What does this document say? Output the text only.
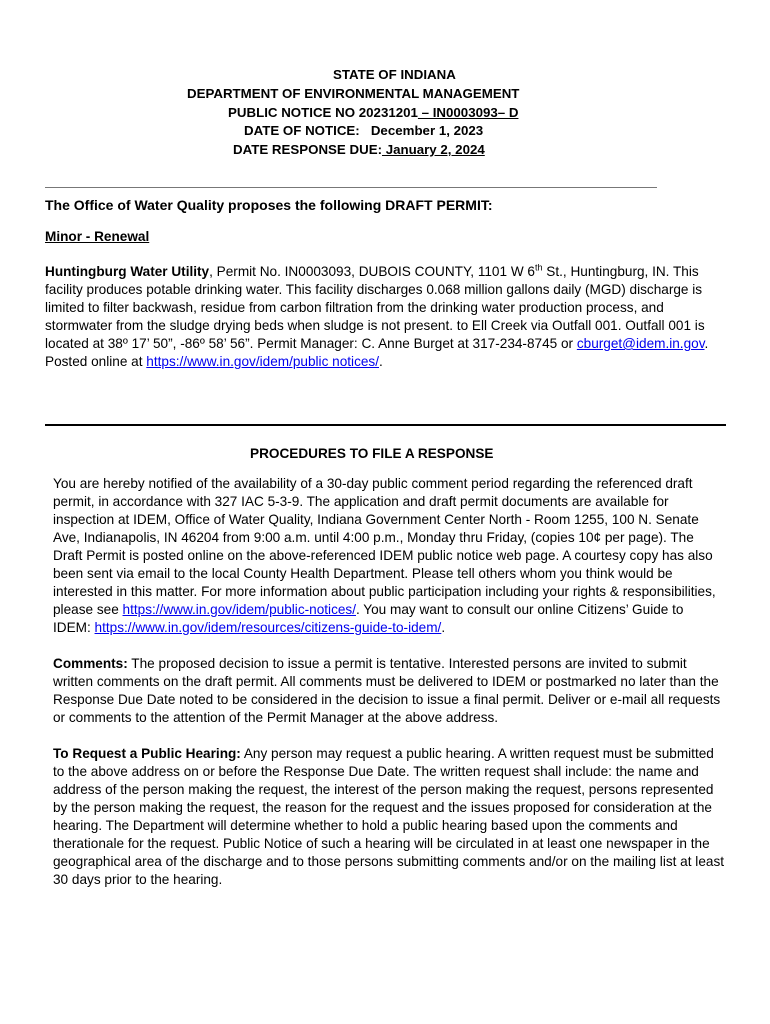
STATE OF INDIANA
DEPARTMENT OF ENVIRONMENTAL MANAGEMENT
PUBLIC NOTICE NO 20231201 – IN0003093– D
DATE OF NOTICE: December 1, 2023
DATE RESPONSE DUE: January 2, 2024
The Office of Water Quality proposes the following DRAFT PERMIT:
Minor - Renewal
Huntingburg Water Utility, Permit No. IN0003093, DUBOIS COUNTY, 1101 W 6th St., Huntingburg, IN. This facility produces potable drinking water. This facility discharges 0.068 million gallons daily (MGD) discharge is limited to filter backwash, residue from carbon filtration from the drinking water production process, and stormwater from the sludge drying beds when sludge is not present. to Ell Creek via Outfall 001. Outfall 001 is located at 38º 17’ 50”, -86º 58’ 56”. Permit Manager: C. Anne Burget at 317-234-8745 or cburget@idem.in.gov. Posted online at https://www.in.gov/idem/public notices/.
PROCEDURES TO FILE A RESPONSE

You are hereby notified of the availability of a 30-day public comment period regarding the referenced draft permit, in accordance with 327 IAC 5-3-9. The application and draft permit documents are available for inspection at IDEM, Office of Water Quality, Indiana Government Center North - Room 1255, 100 N. Senate Ave, Indianapolis, IN 46204 from 9:00 a.m. until 4:00 p.m., Monday thru Friday, (copies 10¢ per page). The Draft Permit is posted online on the above-referenced IDEM public notice web page. A courtesy copy has also been sent via email to the local County Health Department. Please tell others whom you think would be interested in this matter. For more information about public participation including your rights & responsibilities, please see https://www.in.gov/idem/public-notices/. You may want to consult our online Citizens’ Guide to IDEM: https://www.in.gov/idem/resources/citizens-guide-to-idem/.

Comments: The proposed decision to issue a permit is tentative. Interested persons are invited to submit written comments on the draft permit. All comments must be delivered to IDEM or postmarked no later than the Response Due Date noted to be considered in the decision to issue a final permit. Deliver or e-mail all requests or comments to the attention of the Permit Manager at the above address.

To Request a Public Hearing: Any person may request a public hearing. A written request must be submitted to the above address on or before the Response Due Date. The written request shall include: the name and address of the person making the request, the interest of the person making the request, persons represented by the person making the request, the reason for the request and the issues proposed for consideration at the hearing. The Department will determine whether to hold a public hearing based upon the comments and therationale for the request. Public Notice of such a hearing will be circulated in at least one newspaper in the geographical area of the discharge and to those persons submitting comments and/or on the mailing list at least 30 days prior to the hearing.
